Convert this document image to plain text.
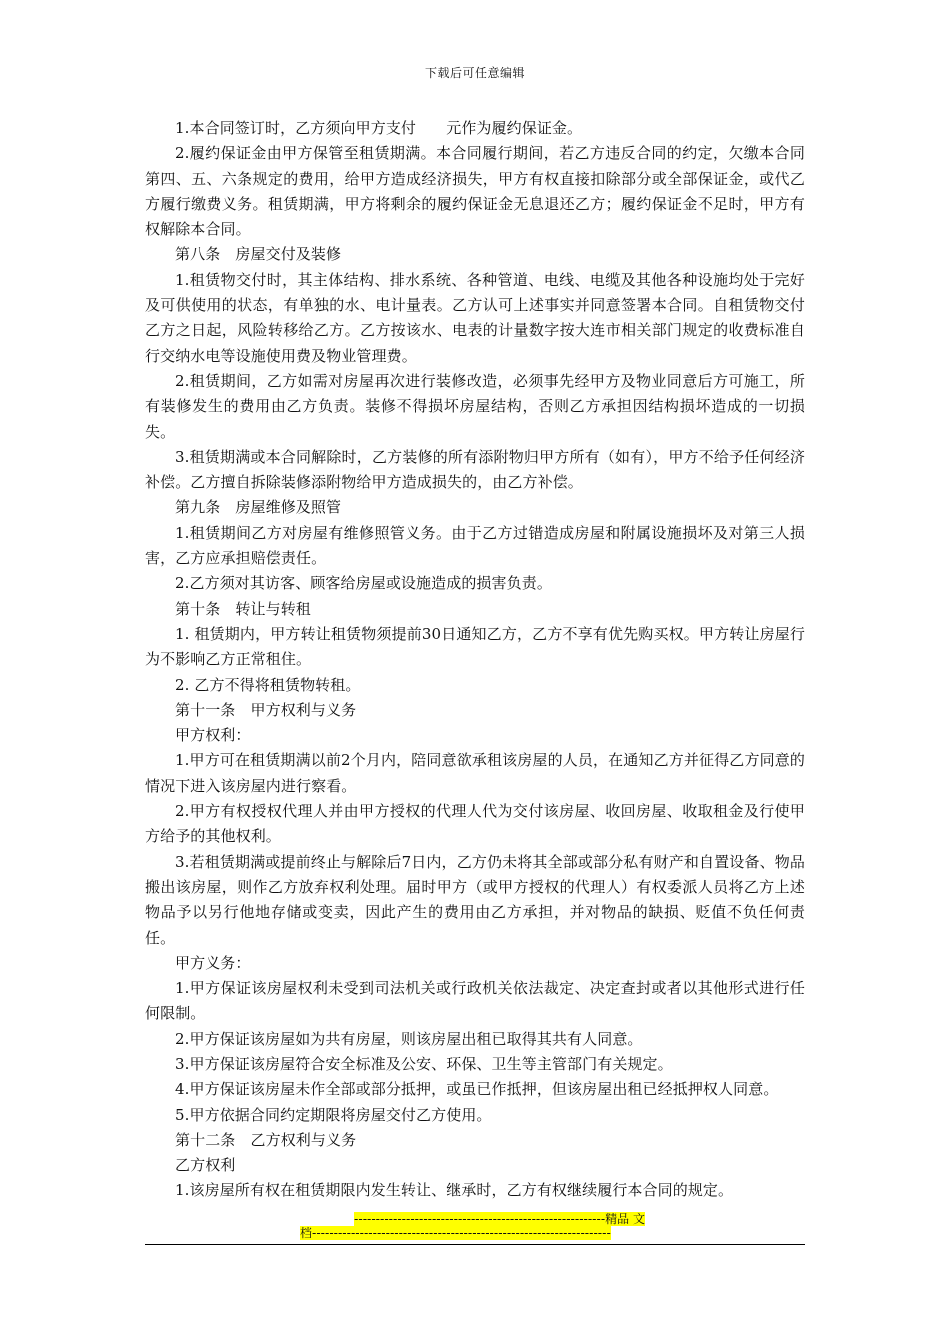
下载后可任意编辑

1.本合同签订时，乙方须向甲方支付　　元作为履约保证金。

2.履约保证金由甲方保管至租赁期满。本合同履行期间，若乙方违反合同的约定，欠缴本合同第四、五、六条规定的费用，给甲方造成经济损失，甲方有权直接扣除部分或全部保证金，或代乙方履行缴费义务。租赁期满，甲方将剩余的履约保证金无息退还乙方；履约保证金不足时，甲方有权解除本合同。

第八条　房屋交付及装修

1.租赁物交付时，其主体结构、排水系统、各种管道、电线、电缆及其他各种设施均处于完好及可供使用的状态，有单独的水、电计量表。乙方认可上述事实并同意签署本合同。自租赁物交付乙方之日起，风险转移给乙方。乙方按该水、电表的计量数字按大连市相关部门规定的收费标准自行交纳水电等设施使用费及物业管理费。

2.租赁期间，乙方如需对房屋再次进行装修改造，必须事先经甲方及物业同意后方可施工，所有装修发生的费用由乙方负责。装修不得损坏房屋结构，否则乙方承担因结构损坏造成的一切损失。

3.租赁期满或本合同解除时，乙方装修的所有添附物归甲方所有（如有），甲方不给予任何经济补偿。乙方擅自拆除装修添附物给甲方造成损失的，由乙方补偿。

第九条　房屋维修及照管

1.租赁期间乙方对房屋有维修照管义务。由于乙方过错造成房屋和附属设施损坏及对第三人损害，乙方应承担赔偿责任。

2.乙方须对其访客、顾客给房屋或设施造成的损害负责。

第十条　转让与转租

1. 租赁期内，甲方转让租赁物须提前30日通知乙方，乙方不享有优先购买权。甲方转让房屋行为不影响乙方正常租住。

2. 乙方不得将租赁物转租。

第十一条　甲方权利与义务

甲方权利：

1.甲方可在租赁期满以前2个月内，陪同意欲承租该房屋的人员，在通知乙方并征得乙方同意的情况下进入该房屋内进行察看。

2.甲方有权授权代理人并由甲方授权的代理人代为交付该房屋、收回房屋、收取租金及行使甲方给予的其他权利。

3.若租赁期满或提前终止与解除后7日内，乙方仍未将其全部或部分私有财产和自置设备、物品搬出该房屋，则作乙方放弃权利处理。届时甲方（或甲方授权的代理人）有权委派人员将乙方上述物品予以另行他地存储或变卖，因此产生的费用由乙方承担，并对物品的缺损、贬值不负任何责任。

甲方义务：

1.甲方保证该房屋权利未受到司法机关或行政机关依法裁定、决定查封或者以其他形式进行任何限制。

2.甲方保证该房屋如为共有房屋，则该房屋出租已取得其共有人同意。

3.甲方保证该房屋符合安全标准及公安、环保、卫生等主管部门有关规定。

4.甲方保证该房屋未作全部或部分抵押，或虽已作抵押，但该房屋出租已经抵押权人同意。

5.甲方依据合同约定期限将房屋交付乙方使用。

第十二条　乙方权利与义务

乙方权利

1.该房屋所有权在租赁期限内发生转让、继承时，乙方有权继续履行本合同的规定。

----------------------------------------------------------精品 文
档---------------------------------------------------------------------
